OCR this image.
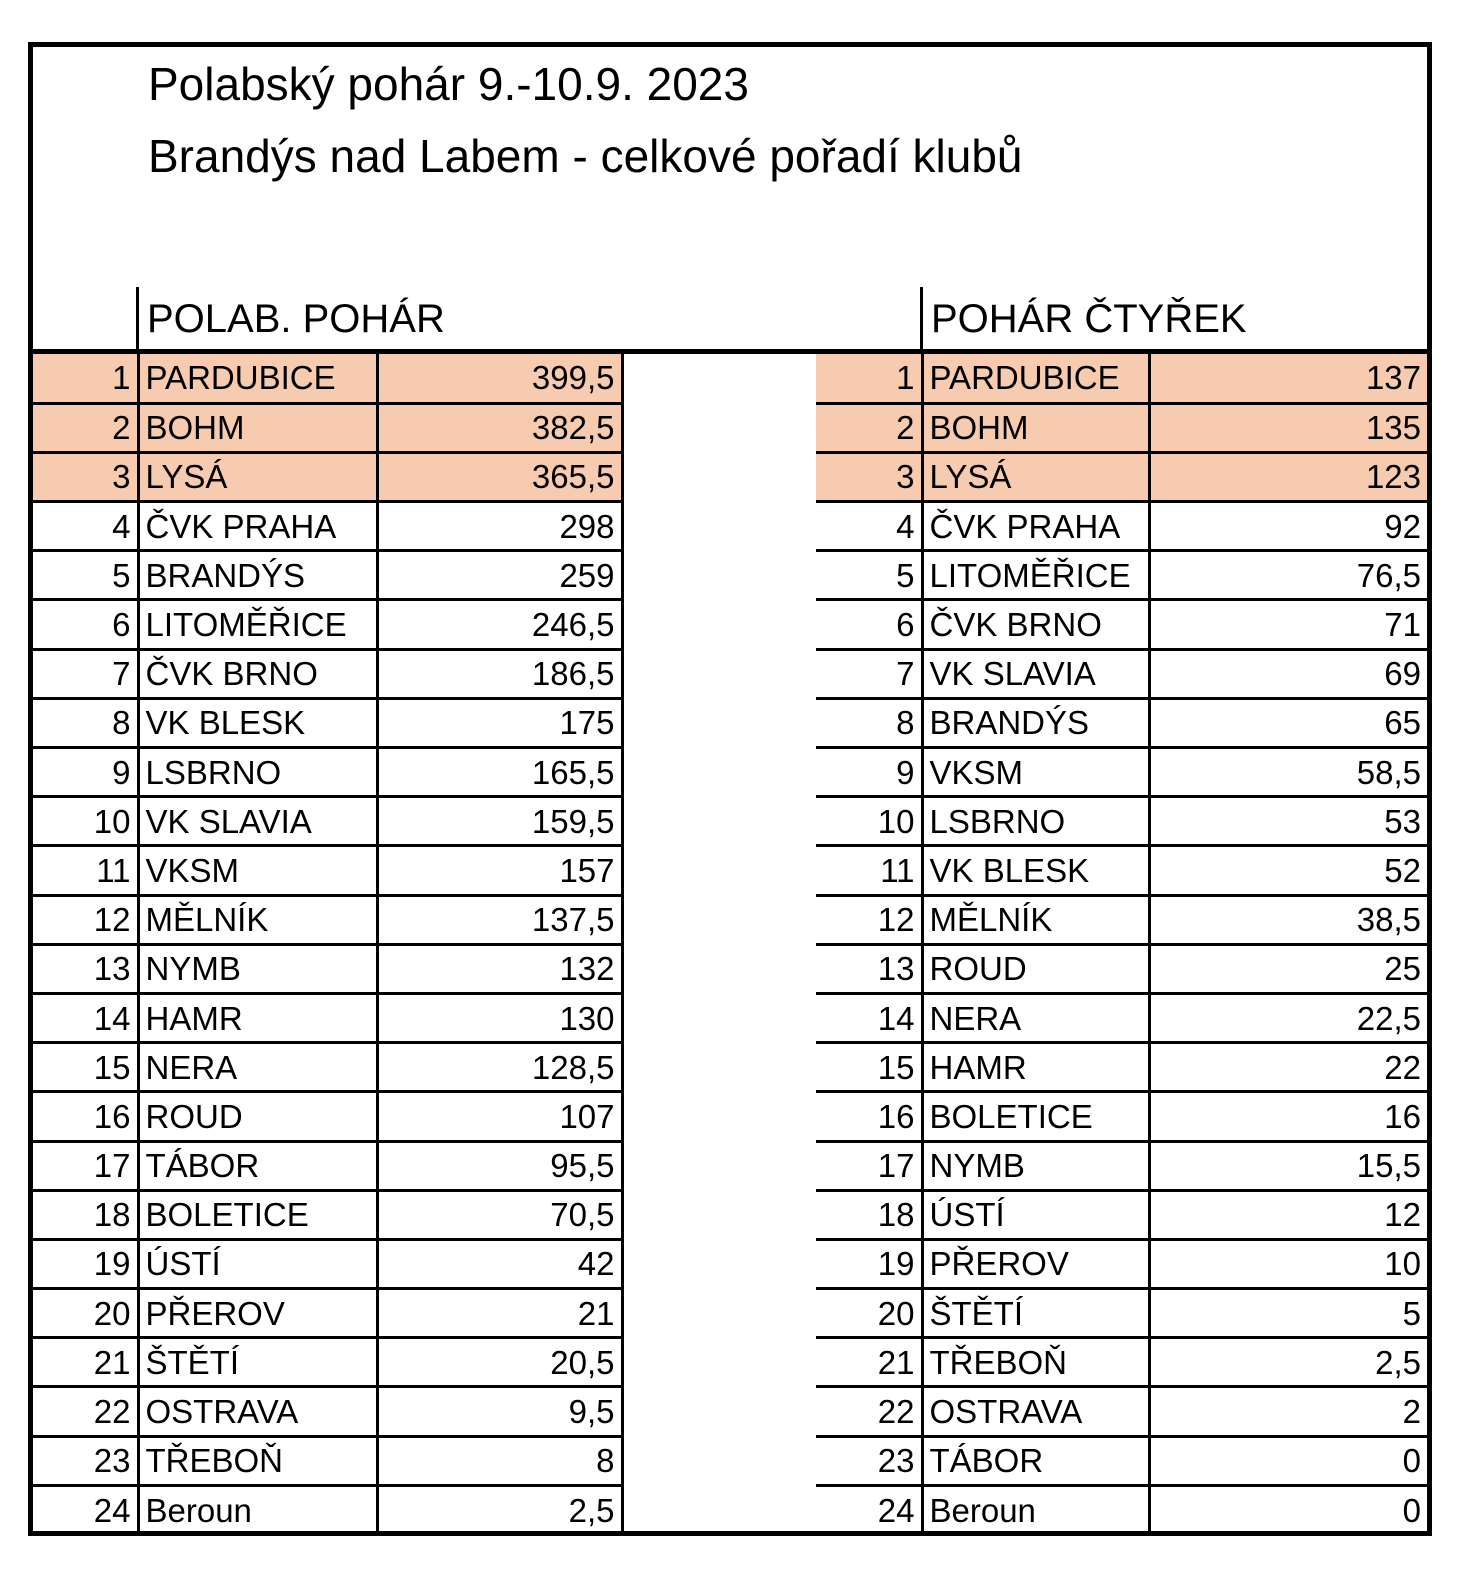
Polabský pohár 9.-10.9. 2023
Brandýs nad Labem - celkové pořadí klubů
POLAB. POHÁR	POHÁR ČTYŘEK
1	PARDUBICE	399,5
2	BOHM	382,5
3	LYSÁ	365,5
4	ČVK PRAHA	298
5	BRANDÝS	259
6	LITOMĚŘICE	246,5
7	ČVK BRNO	186,5
8	VK BLESK	175
9	LSBRNO	165,5
10	VK SLAVIA	159,5
11	VKSM	157
12	MĚLNÍK	137,5
13	NYMB	132
14	HAMR	130
15	NERA	128,5
16	ROUD	107
17	TÁBOR	95,5
18	BOLETICE	70,5
19	ÚSTÍ	42
20	PŘEROV	21
21	ŠTĚTÍ	20,5
22	OSTRAVA	9,5
23	TŘEBOŇ	8
24	Beroun	2,5
1	PARDUBICE	137
2	BOHM	135
3	LYSÁ	123
4	ČVK PRAHA	92
5	LITOMĚŘICE	76,5
6	ČVK BRNO	71
7	VK SLAVIA	69
8	BRANDÝS	65
9	VKSM	58,5
10	LSBRNO	53
11	VK BLESK	52
12	MĚLNÍK	38,5
13	ROUD	25
14	NERA	22,5
15	HAMR	22
16	BOLETICE	16
17	NYMB	15,5
18	ÚSTÍ	12
19	PŘEROV	10
20	ŠTĚTÍ	5
21	TŘEBOŇ	2,5
22	OSTRAVA	2
23	TÁBOR	0
24	Beroun	0
